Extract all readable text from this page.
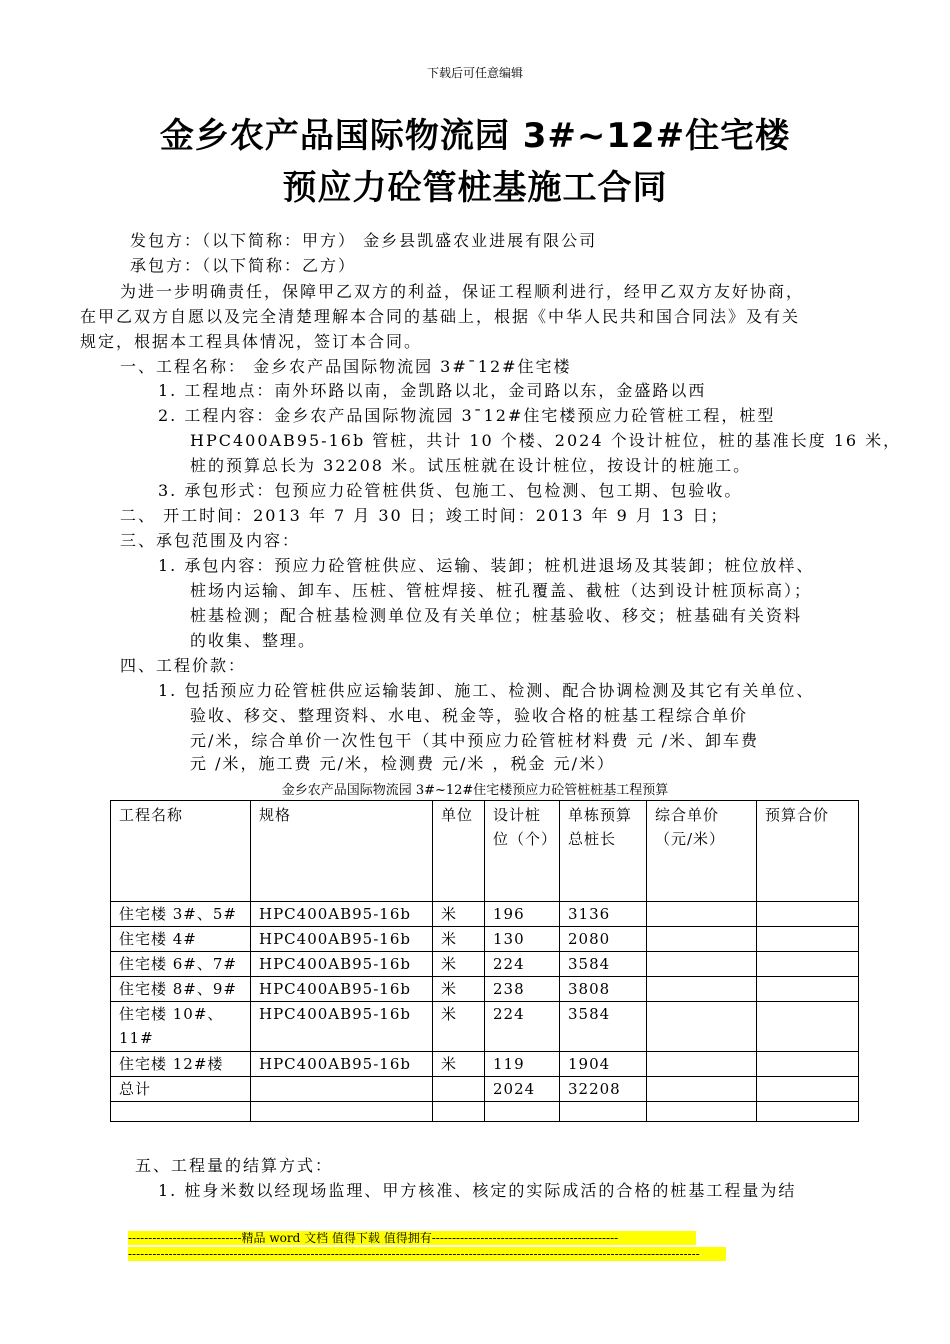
下载后可任意编辑
金乡农产品国际物流园 3#~12#住宅楼
预应力砼管桩基施工合同
发包方：（以下简称：甲方） 金乡县凯盛农业进展有限公司
承包方：（以下简称：乙方）
为进一步明确责任，保障甲乙双方的利益，保证工程顺利进行，经甲乙双方友好协商，
在甲乙双方自愿以及完全清楚理解本合同的基础上，根据《中华人民共和国合同法》及有关
规定，根据本工程具体情况，签订本合同。
一、工程名称： 金乡农产品国际物流园 3#¯12#住宅楼
1. 工程地点：南外环路以南，金凯路以北，金司路以东，金盛路以西
2. 工程内容：金乡农产品国际物流园 3¯12#住宅楼预应力砼管桩工程，桩型
HPC400AB95-16b 管桩，共计 10 个楼、2024 个设计桩位，桩的基准长度 16 米，
桩的预算总长为 32208 米。试压桩就在设计桩位，按设计的桩施工。
3. 承包形式：包预应力砼管桩供货、包施工、包检测、包工期、包验收。
二、 开工时间：2013 年 7 月 30 日；竣工时间：2013 年 9 月 13 日；
三、承包范围及内容：
1. 承包内容：预应力砼管桩供应、运输、装卸；桩机进退场及其装卸；桩位放样、
桩场内运输、卸车、压桩、管桩焊接、桩孔覆盖、截桩（达到设计桩顶标高）；
桩基检测；配合桩基检测单位及有关单位；桩基验收、移交；桩基础有关资料
的收集、整理。
四、工程价款：
1. 包括预应力砼管桩供应运输装卸、施工、检测、配合协调检测及其它有关单位、
验收、移交、整理资料、水电、税金等，验收合格的桩基工程综合单价
元/米，综合单价一次性包干（其中预应力砼管桩材料费 元 /米、卸车费
元 /米，施工费 元/米，检测费 元/米 ，税金 元/米）
金乡农产品国际物流园 3#~12#住宅楼预应力砼管桩桩基工程预算
工程名称	规格	单位	设计桩位（个）	单栋预算总桩长	综合单价（元/米）	预算合价
住宅楼 3#、5#	HPC400AB95-16b	米	196	3136		
住宅楼 4#	HPC400AB95-16b	米	130	2080		
住宅楼 6#、7#	HPC400AB95-16b	米	224	3584		
住宅楼 8#、9#	HPC400AB95-16b	米	238	3808		
住宅楼 10#、11#	HPC400AB95-16b	米	224	3584		
住宅楼 12#楼	HPC400AB95-16b	米	119	1904		
总计			2024	32208		

五、工程量的结算方式：
1. 桩身米数以经现场监理、甲方核准、核定的实际成活的合格的桩基工程量为结
----------------------------精品 word 文档 值得下载 值得拥有----------------------------------------------
---------------------------------------------------------------------------------------------------------------------------------------------
